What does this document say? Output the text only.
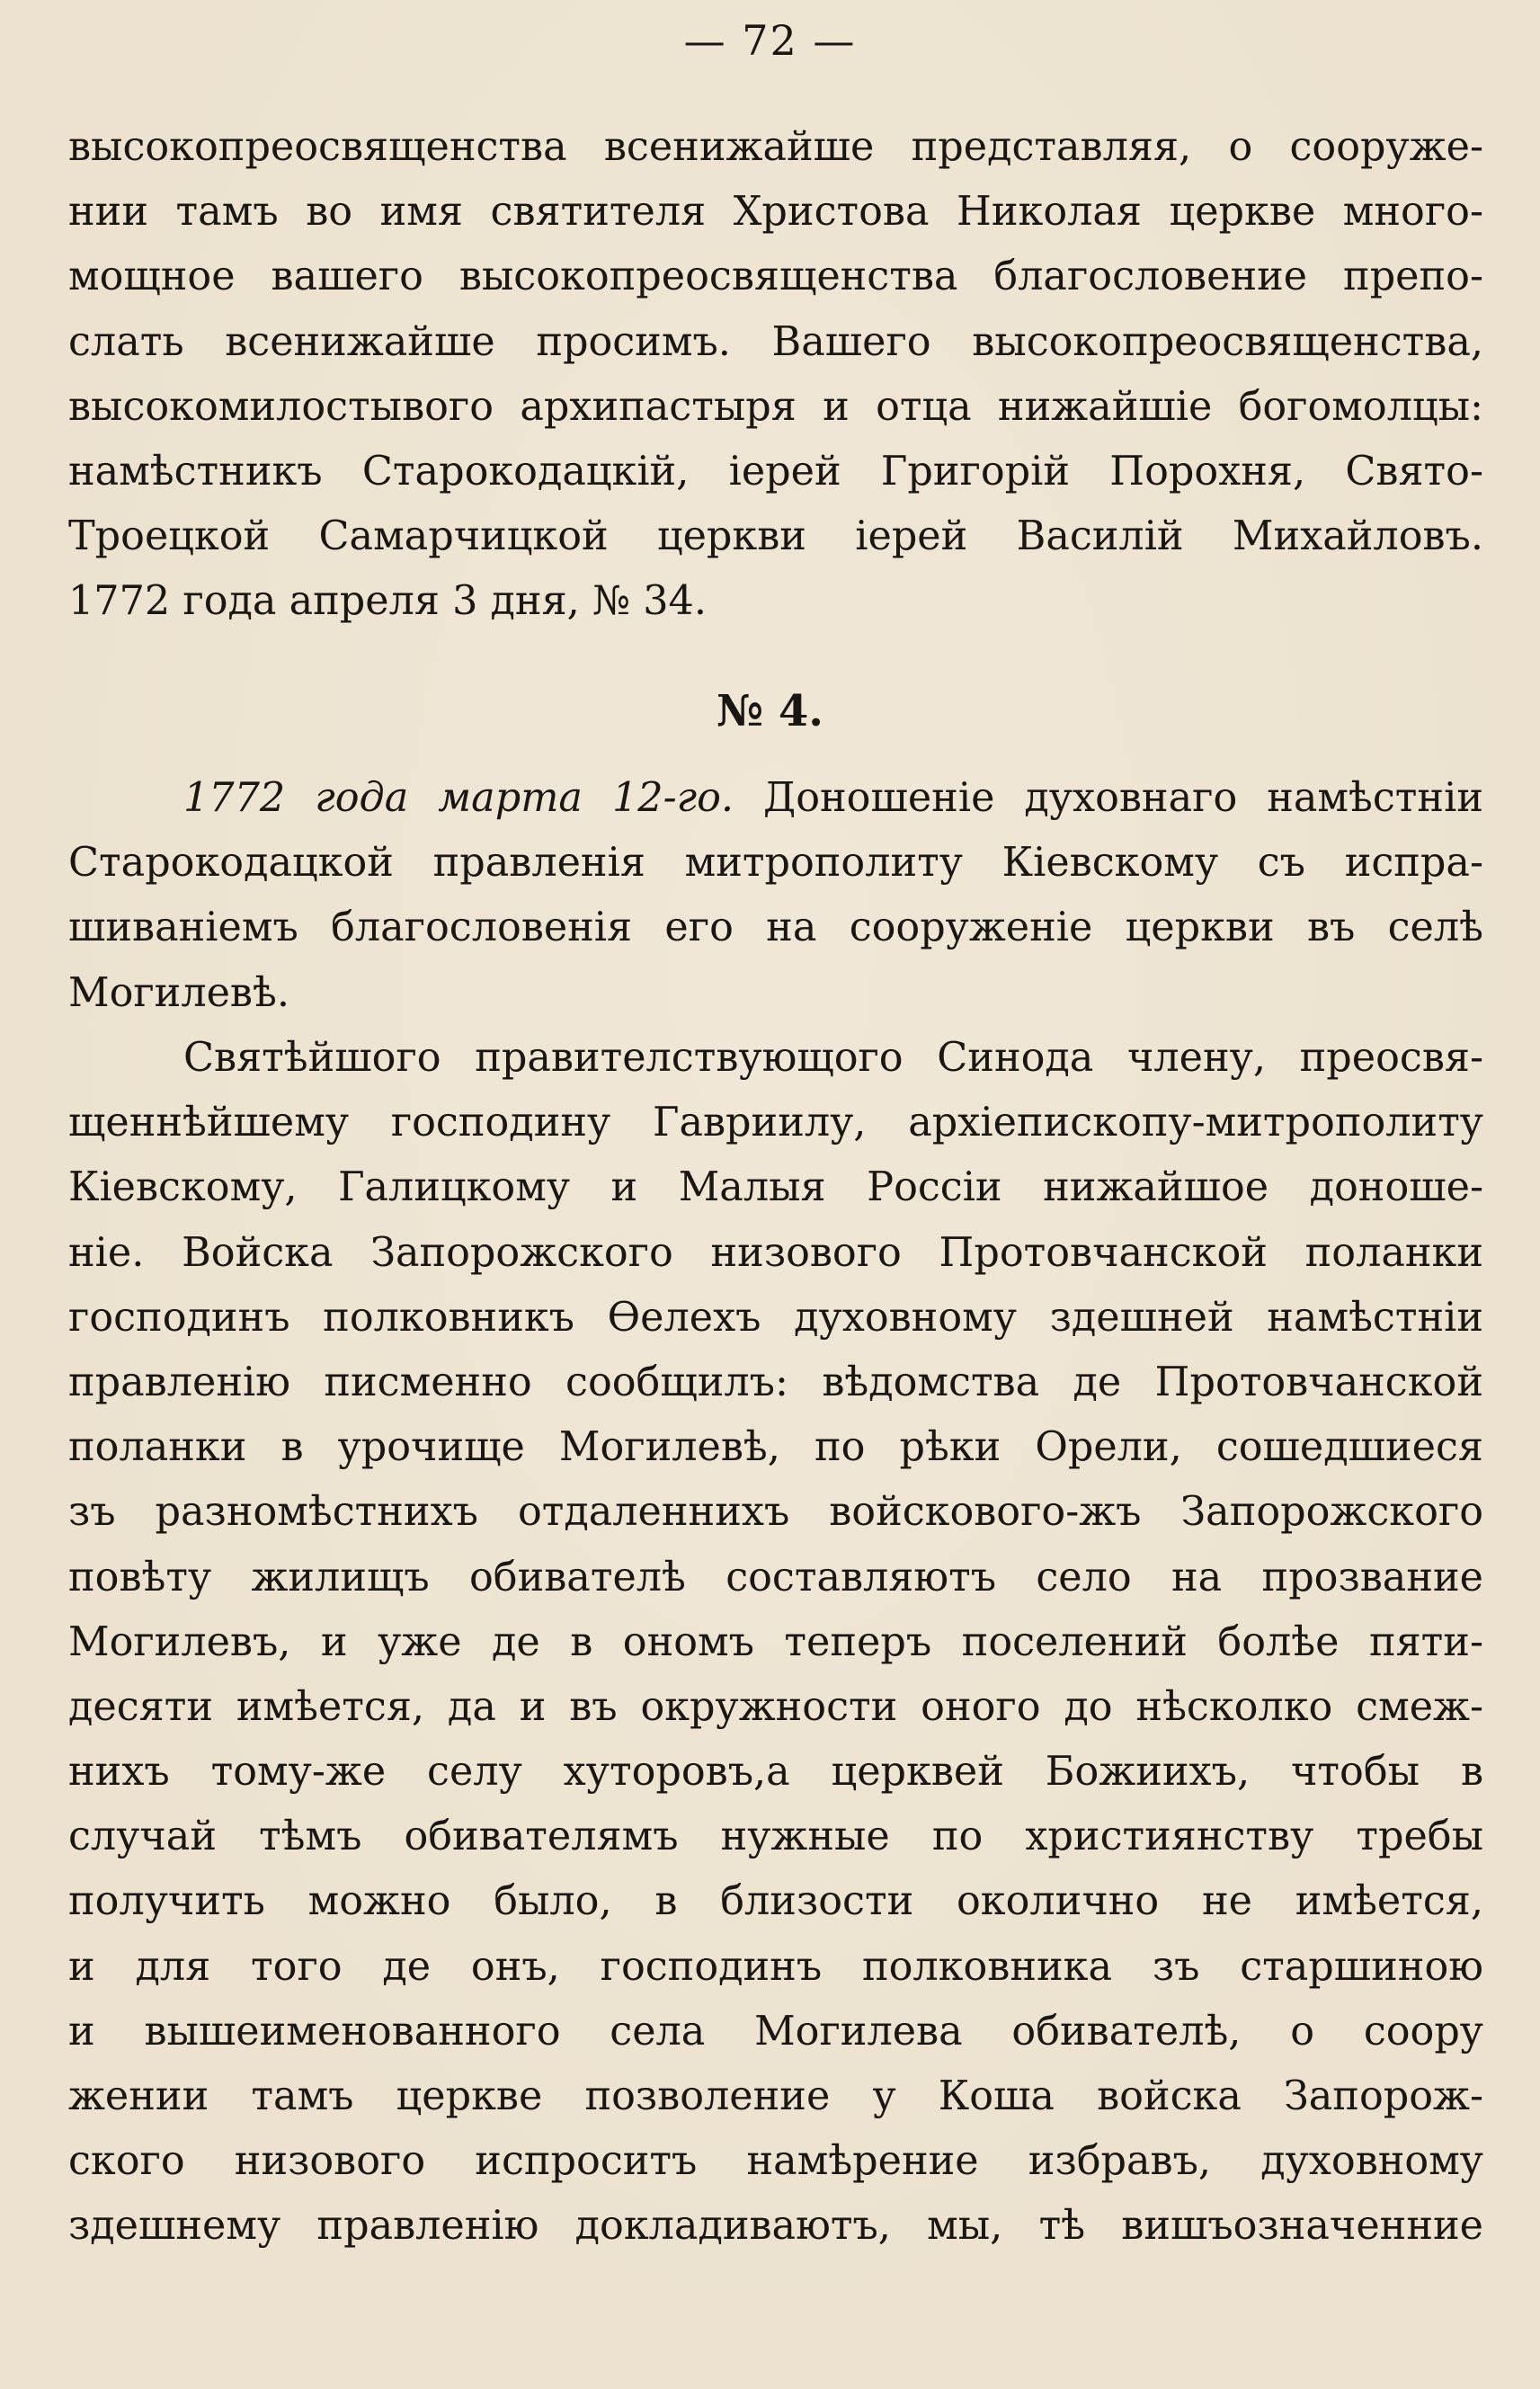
— 72 —
высокопреосвященства всенижайше представляя, о сооруже-
нии тамъ во имя святителя Христова Николая церкве много-
мощное вашего высокопреосвященства благословение препо-
слать всенижайше просимъ. Вашего высокопреосвященства,
высокомилостывого архипастыря и отца нижайшіе богомолцы:
намѣстникъ Старокодацкій, іерей Григорій Порохня, Свято-
Троецкой Самарчицкой церкви іерей Василій Михайловъ.
1772 года апреля 3 дня, № 34.
№ 4.
1772 года марта 12-го. Доношеніе духовнаго намѣстніи
Старокодацкой правленія митрополиту Кіевскому съ испра-
шиваніемъ благословенія его на сооруженіе церкви въ селѣ
Могилевѣ.
Святѣйшого правителствующого Синода члену, преосвя-
щеннѣйшему господину Гавриилу, архіепископу-митрополиту
Кіевскому, Галицкому и Малыя Россіи нижайшое доноше-
ніе. Войска Запорожского низового Протовчанской поланки
господинъ полковникъ Ѳелехъ духовному здешней намѣстніи
правленію писменно сообщилъ: вѣдомства де Протовчанской
поланки в урочище Могилевѣ, по рѣки Орели, сошедшиеся
зъ разномѣстнихъ отдаленнихъ войскового-жъ Запорожского
повѣту жилищъ обивателѣ составляютъ село на прозвание
Могилевъ, и уже де в ономъ теперъ поселений болѣе пяти-
десяти имѣется, да и въ окружности оного до нѣсколко смеж-
нихъ тому-же селу хуторовъ,а церквей Божиихъ, чтобы в
случай тѣмъ обивателямъ нужные по християнству требы
получить можно было, в близости околично не имѣется,
и для того де онъ, господинъ полковника зъ старшиною
и вышеименованного села Могилева обивателѣ, о соору
жении тамъ церкве позволение у Коша войска Запорож-
ского низового испроситъ намѣрение избравъ, духовному
здешнему правленію докладиваютъ, мы, тѣ вишъозначенние
